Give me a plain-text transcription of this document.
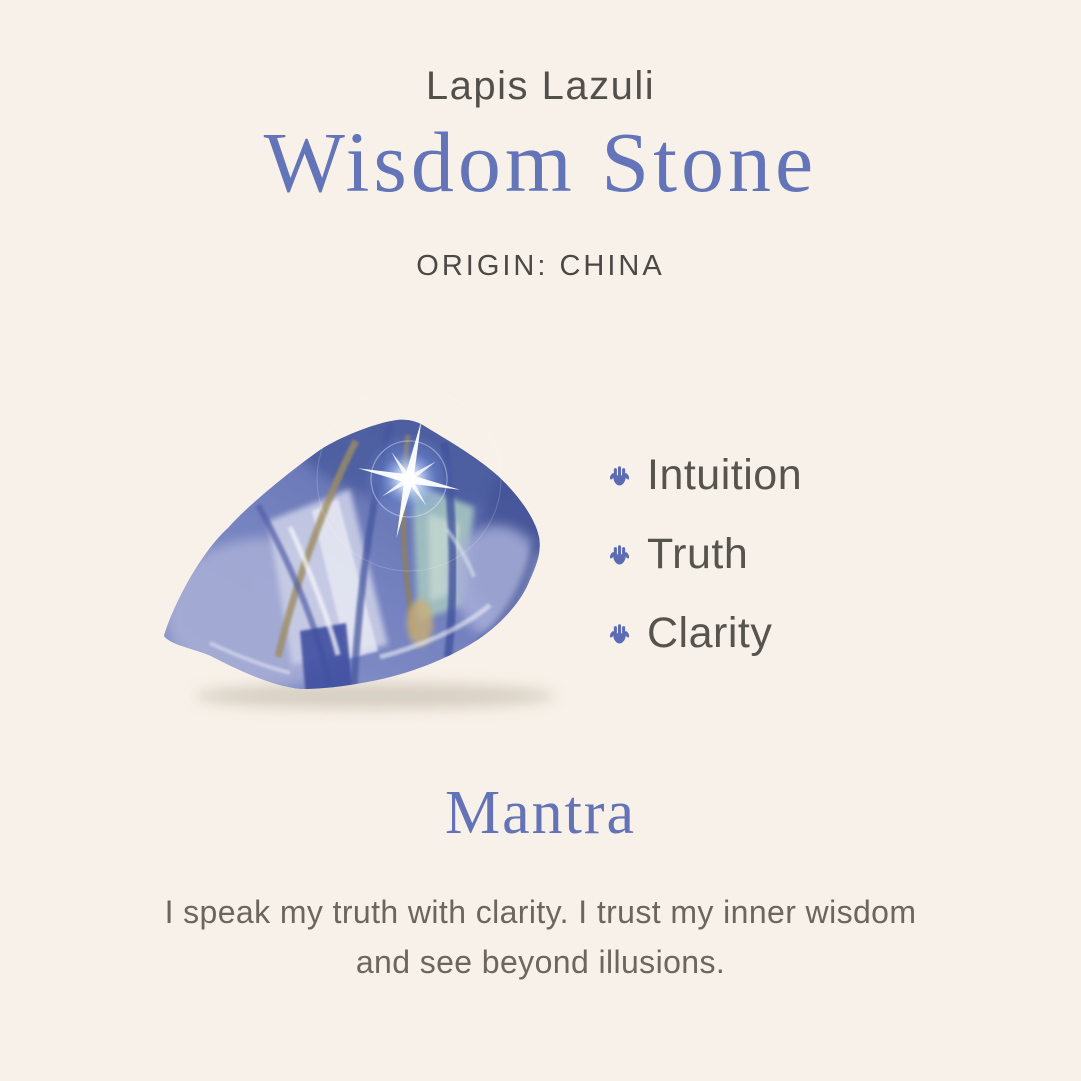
Lapis Lazuli
Wisdom Stone
ORIGIN: CHINA
Intuition
Truth
Clarity
Mantra

I speak my truth with clarity. I trust my inner wisdom
and see beyond illusions.
